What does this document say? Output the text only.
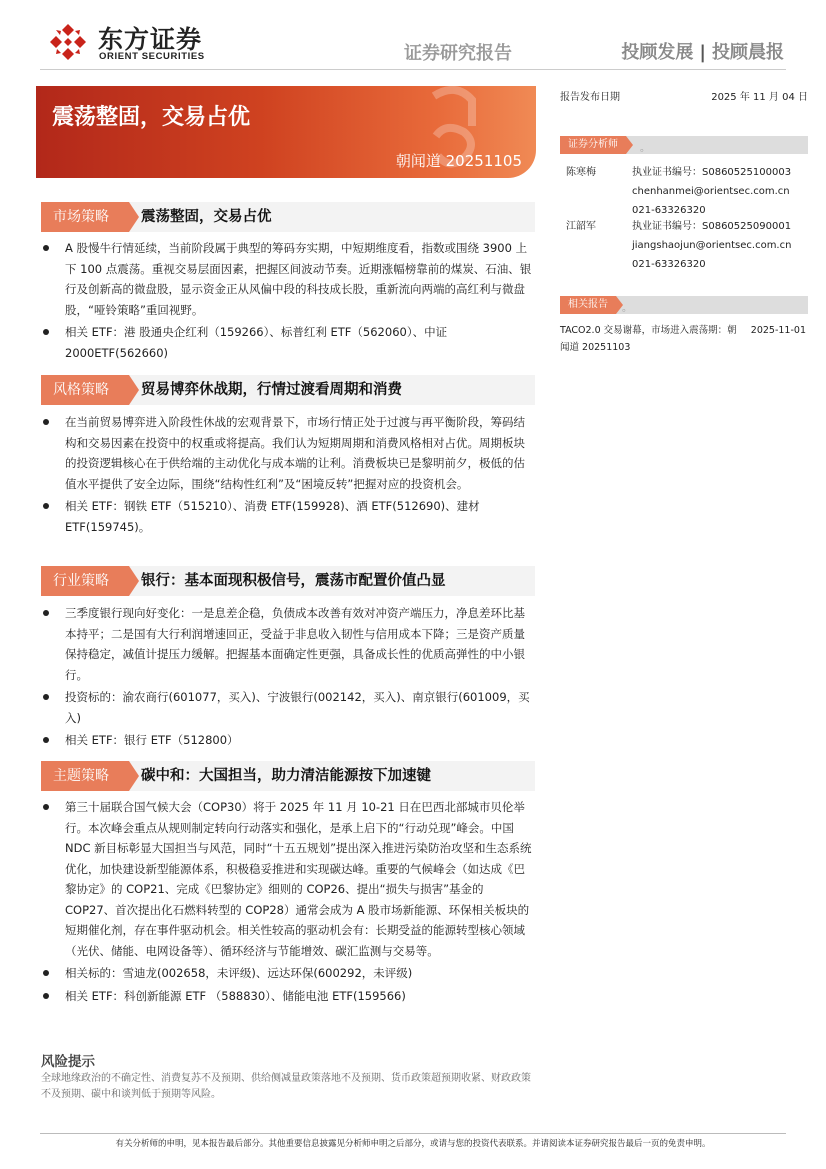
东方证券
ORIENT SECURITIES	证券研究报告	投顾发展 | 投顾晨报
震荡整固，交易占优
朝闻道 20251105
报告发布日期	2025 年 11 月 04 日
证券分析师	。
陈寒梅	执业证书编号：S0860525100003
chenhanmei@orientsec.com.cn
021-63326320
江韶军	执业证书编号：S0860525090001
jiangshaojun@orientsec.com.cn
021-63326320
相关报告	。
TACO2.0 交易谢幕，市场进入震荡期：朝闻道 20251103
2025-11-01
市场策略	震荡整固，交易占优
A 股慢牛行情延续，当前阶段属于典型的筹码夯实期，中短期维度看，指数或围绕 3900 上下 100 点震荡。重视交易层面因素，把握区间波动节奏。近期涨幅榜靠前的煤炭、石油、银行及创新高的微盘股，显示资金正从风偏中段的科技成长股，重新流向两端的高红利与微盘股，“哑铃策略”重回视野。
相关 ETF：港 股通央企红利（159266）、标普红利 ETF（562060）、中证 2000ETF(562660)
风格策略	贸易博弈休战期，行情过渡看周期和消费
在当前贸易博弈进入阶段性休战的宏观背景下，市场行情正处于过渡与再平衡阶段，筹码结构和交易因素在投资中的权重或将提高。我们认为短期周期和消费风格相对占优。周期板块的投资逻辑核心在于供给端的主动优化与成本端的让利。消费板块已是黎明前夕，极低的估值水平提供了安全边际，围绕“结构性红利”及“困境反转”把握对应的投资机会。
相关 ETF：钢铁 ETF（515210）、消费 ETF(159928)、酒 ETF(512690)、建材 ETF(159745)。
行业策略	银行：基本面现积极信号，震荡市配置价值凸显
三季度银行现向好变化：一是息差企稳，负债成本改善有效对冲资产端压力，净息差环比基本持平；二是国有大行利润增速回正，受益于非息收入韧性与信用成本下降；三是资产质量保持稳定，减值计提压力缓解。把握基本面确定性更强，具备成长性的优质高弹性的中小银行。
投资标的：渝农商行(601077，买入)、宁波银行(002142，买入)、南京银行(601009，买入)
相关 ETF：银行 ETF（512800）
主题策略	碳中和：大国担当，助力清洁能源按下加速键
第三十届联合国气候大会（COP30）将于 2025 年 11 月 10-21 日在巴西北部城市贝伦举行。本次峰会重点从规则制定转向行动落实和强化，是承上启下的“行动兑现”峰会。中国 NDC 新目标彰显大国担当与风范，同时“十五五规划”提出深入推进污染防治攻坚和生态系统优化，加快建设新型能源体系，积极稳妥推进和实现碳达峰。重要的气候峰会（如达成《巴黎协定》的 COP21、完成《巴黎协定》细则的 COP26、提出“损失与损害”基金的 COP27、首次提出化石燃料转型的 COP28）通常会成为 A 股市场新能源、环保相关板块的短期催化剂，存在事件驱动机会。相关性较高的驱动机会有：长期受益的能源转型核心领域（光伏、储能、电网设备等）、循环经济与节能增效、碳汇监测与交易等。
相关标的：雪迪龙(002658，未评级)、远达环保(600292，未评级)
相关 ETF：科创新能源 ETF （588830）、储能电池 ETF(159566)
风险提示
全球地缘政治的不确定性、消费复苏不及预期、供给侧减量政策落地不及预期、货币政策超预期收紧、财政政策不及预期、碳中和谈判低于预期等风险。
有关分析师的申明，见本报告最后部分。其他重要信息披露见分析师申明之后部分，或请与您的投资代表联系。并请阅读本证券研究报告最后一页的免责申明。
